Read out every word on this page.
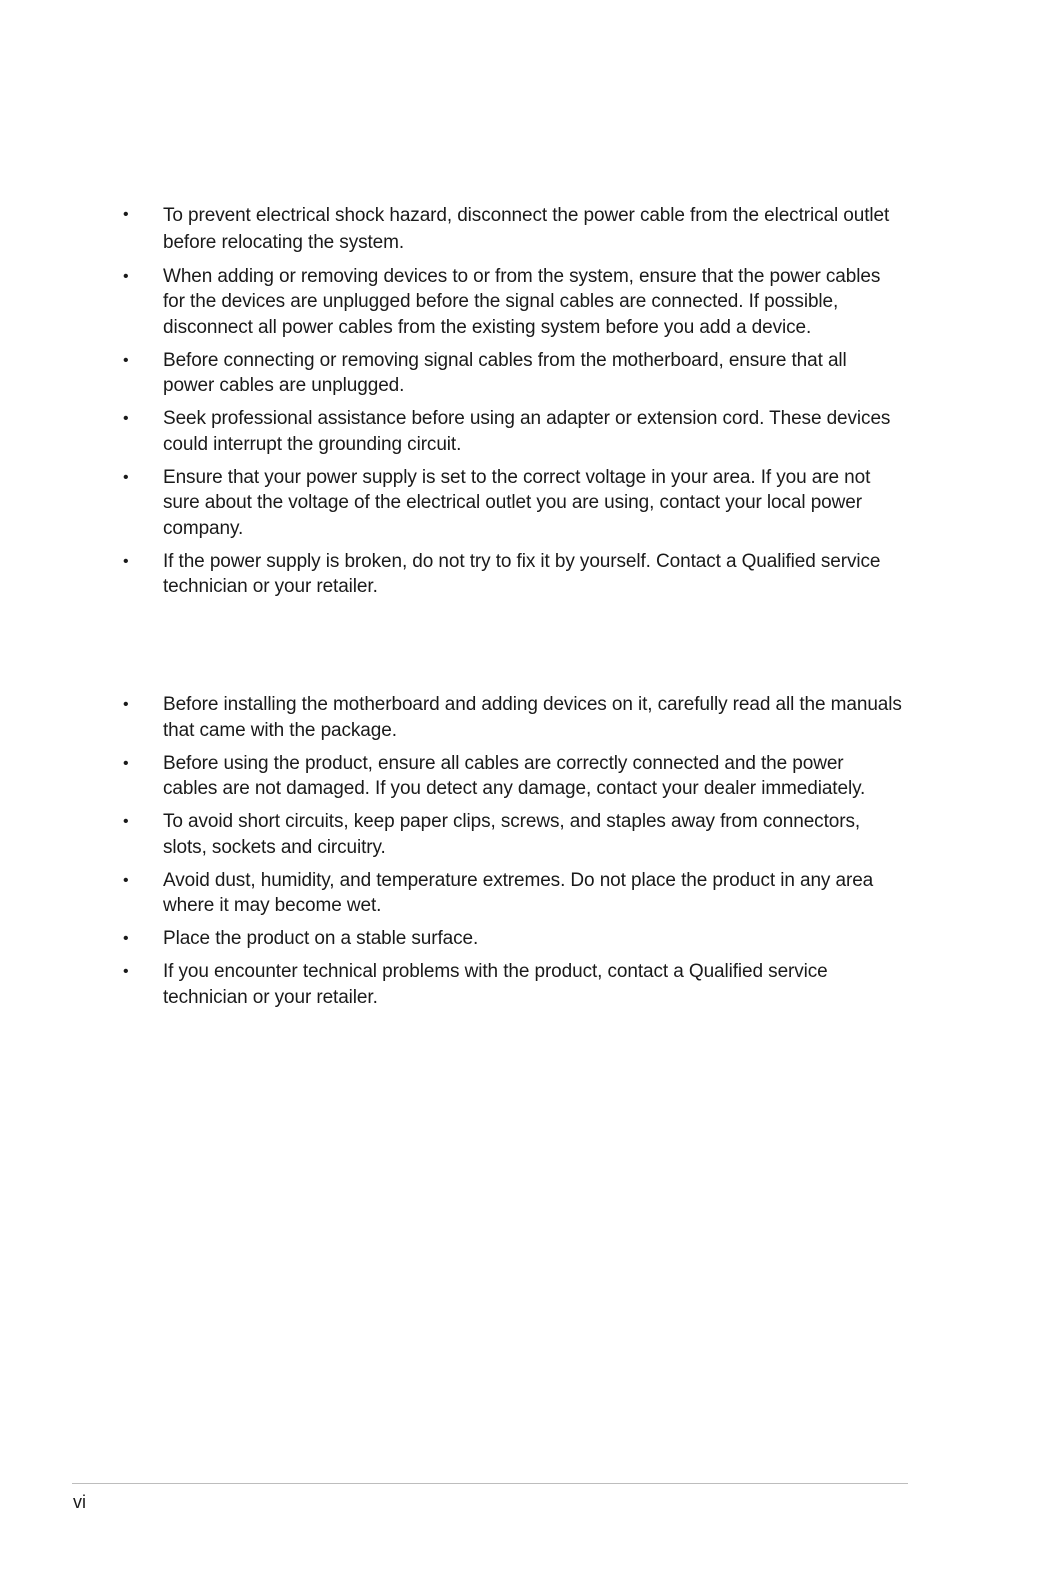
• To prevent electrical shock hazard, disconnect the power cable from the electrical outlet
before relocating the system.
• When adding or removing devices to or from the system, ensure that the power cables
for the devices are unplugged before the signal cables are connected. If possible,
disconnect all power cables from the existing system before you add a device.
• Before connecting or removing signal cables from the motherboard, ensure that all
power cables are unplugged.
• Seek professional assistance before using an adapter or extension cord. These devices
could interrupt the grounding circuit.
• Ensure that your power supply is set to the correct voltage in your area. If you are not
sure about the voltage of the electrical outlet you are using, contact your local power
company.
• If the power supply is broken, do not try to fix it by yourself. Contact a Qualified service
technician or your retailer.
• Before installing the motherboard and adding devices on it, carefully read all the manuals
that came with the package.
• Before using the product, ensure all cables are correctly connected and the power
cables are not damaged. If you detect any damage, contact your dealer immediately.
• To avoid short circuits, keep paper clips, screws, and staples away from connectors,
slots, sockets and circuitry.
• Avoid dust, humidity, and temperature extremes. Do not place the product in any area
where it may become wet.
• Place the product on a stable surface.
• If you encounter technical problems with the product, contact a Qualified service
technician or your retailer.
vi
